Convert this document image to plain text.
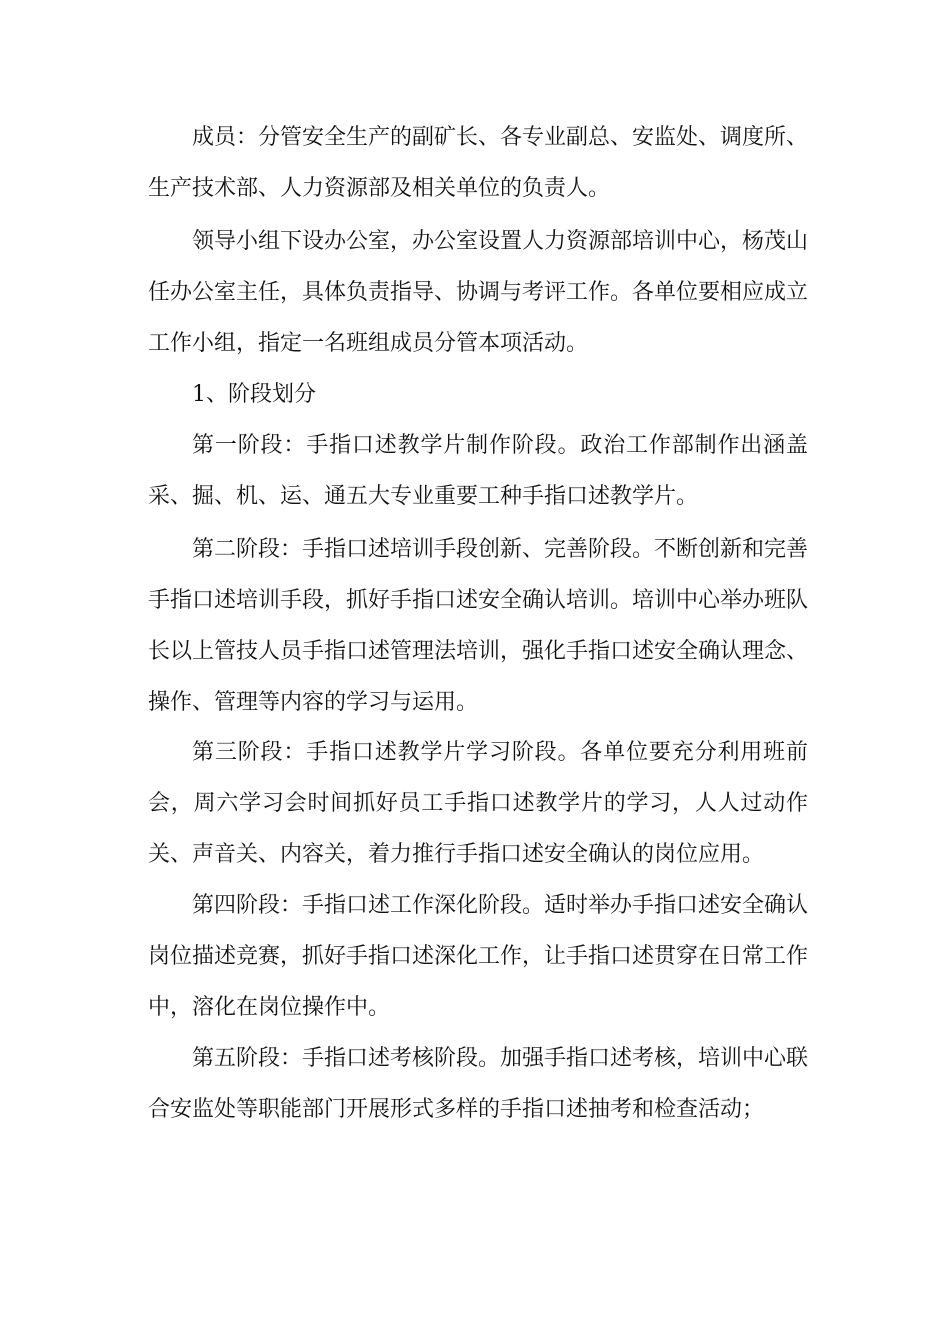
成员：分管安全生产的副矿长、各专业副总、安监处、调度所、生产技术部、人力资源部及相关单位的负责人。

领导小组下设办公室，办公室设置人力资源部培训中心，杨茂山任办公室主任，具体负责指导、协调与考评工作。各单位要相应成立工作小组，指定一名班组成员分管本项活动。

1、阶段划分

第一阶段：手指口述教学片制作阶段。政治工作部制作出涵盖采、掘、机、运、通五大专业重要工种手指口述教学片。

第二阶段：手指口述培训手段创新、完善阶段。不断创新和完善手指口述培训手段，抓好手指口述安全确认培训。培训中心举办班队长以上管技人员手指口述管理法培训，强化手指口述安全确认理念、操作、管理等内容的学习与运用。

第三阶段：手指口述教学片学习阶段。各单位要充分利用班前会，周六学习会时间抓好员工手指口述教学片的学习，人人过动作关、声音关、内容关，着力推行手指口述安全确认的岗位应用。

第四阶段：手指口述工作深化阶段。适时举办手指口述安全确认岗位描述竞赛，抓好手指口述深化工作，让手指口述贯穿在日常工作中，溶化在岗位操作中。

第五阶段：手指口述考核阶段。加强手指口述考核，培训中心联合安监处等职能部门开展形式多样的手指口述抽考和检查活动；
